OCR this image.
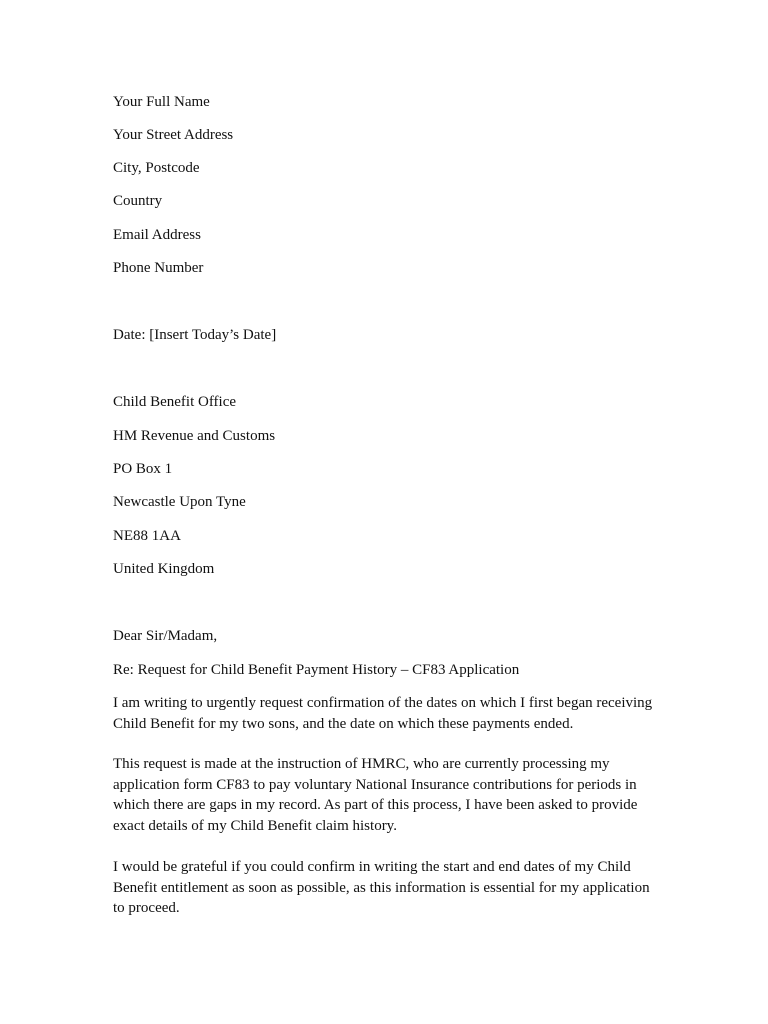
Your Full Name
Your Street Address
City, Postcode
Country
Email Address
Phone Number
Date: [Insert Today’s Date]
Child Benefit Office
HM Revenue and Customs
PO Box 1
Newcastle Upon Tyne
NE88 1AA
United Kingdom
Dear Sir/Madam,
Re: Request for Child Benefit Payment History – CF83 Application
I am writing to urgently request confirmation of the dates on which I first began receiving Child Benefit for my two sons, and the date on which these payments ended.
This request is made at the instruction of HMRC, who are currently processing my application form CF83 to pay voluntary National Insurance contributions for periods in which there are gaps in my record. As part of this process, I have been asked to provide exact details of my Child Benefit claim history.
I would be grateful if you could confirm in writing the start and end dates of my Child Benefit entitlement as soon as possible, as this information is essential for my application to proceed.
